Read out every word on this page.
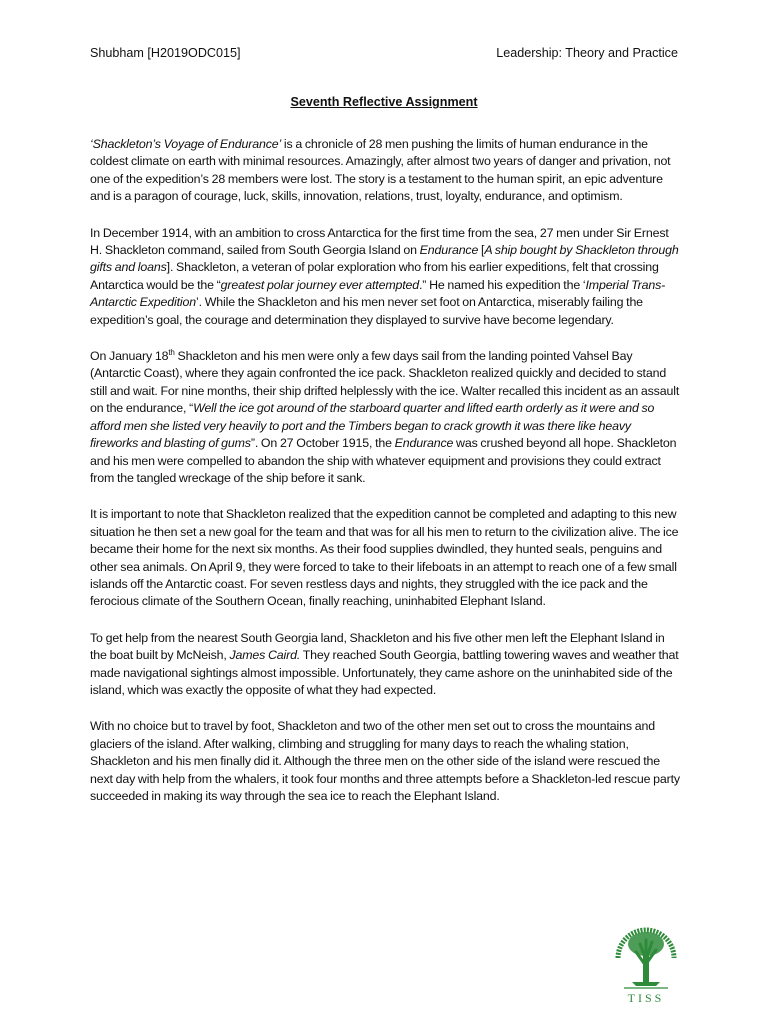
Shubham [H2019ODC015]	Leadership: Theory and Practice
Seventh Reflective Assignment

‘Shackleton’s Voyage of Endurance’ is a chronicle of 28 men pushing the limits of human endurance in the coldest climate on earth with minimal resources. Amazingly, after almost two years of danger and privation, not one of the expedition’s 28 members were lost. The story is a testament to the human spirit, an epic adventure and is a paragon of courage, luck, skills, innovation, relations, trust, loyalty, endurance, and optimism.

In December 1914, with an ambition to cross Antarctica for the first time from the sea, 27 men under Sir Ernest H. Shackleton command, sailed from South Georgia Island on Endurance [A ship bought by Shackleton through gifts and loans]. Shackleton, a veteran of polar exploration who from his earlier expeditions, felt that crossing Antarctica would be the “greatest polar journey ever attempted.” He named his expedition the ‘Imperial Trans-Antarctic Expedition’. While the Shackleton and his men never set foot on Antarctica, miserably failing the expedition’s goal, the courage and determination they displayed to survive have become legendary.

On January 18th Shackleton and his men were only a few days sail from the landing pointed Vahsel Bay (Antarctic Coast), where they again confronted the ice pack. Shackleton realized quickly and decided to stand still and wait. For nine months, their ship drifted helplessly with the ice. Walter recalled this incident as an assault on the endurance, “Well the ice got around of the starboard quarter and lifted earth orderly as it were and so afford men she listed very heavily to port and the Timbers began to crack growth it was there like heavy fireworks and blasting of gums”. On 27 October 1915, the Endurance was crushed beyond all hope. Shackleton and his men were compelled to abandon the ship with whatever equipment and provisions they could extract from the tangled wreckage of the ship before it sank.

It is important to note that Shackleton realized that the expedition cannot be completed and adapting to this new situation he then set a new goal for the team and that was for all his men to return to the civilization alive. The ice became their home for the next six months. As their food supplies dwindled, they hunted seals, penguins and other sea animals. On April 9, they were forced to take to their lifeboats in an attempt to reach one of a few small islands off the Antarctic coast. For seven restless days and nights, they struggled with the ice pack and the ferocious climate of the Southern Ocean, finally reaching, uninhabited Elephant Island.

To get help from the nearest South Georgia land, Shackleton and his five other men left the Elephant Island in the boat built by McNeish, James Caird. They reached South Georgia, battling towering waves and weather that made navigational sightings almost impossible. Unfortunately, they came ashore on the uninhabited side of the island, which was exactly the opposite of what they had expected.

With no choice but to travel by foot, Shackleton and two of the other men set out to cross the mountains and glaciers of the island. After walking, climbing and struggling for many days to reach the whaling station, Shackleton and his men finally did it. Although the three men on the other side of the island were rescued the next day with help from the whalers, it took four months and three attempts before a Shackleton-led rescue party succeeded in making its way through the sea ice to reach the Elephant Island.

TISS
